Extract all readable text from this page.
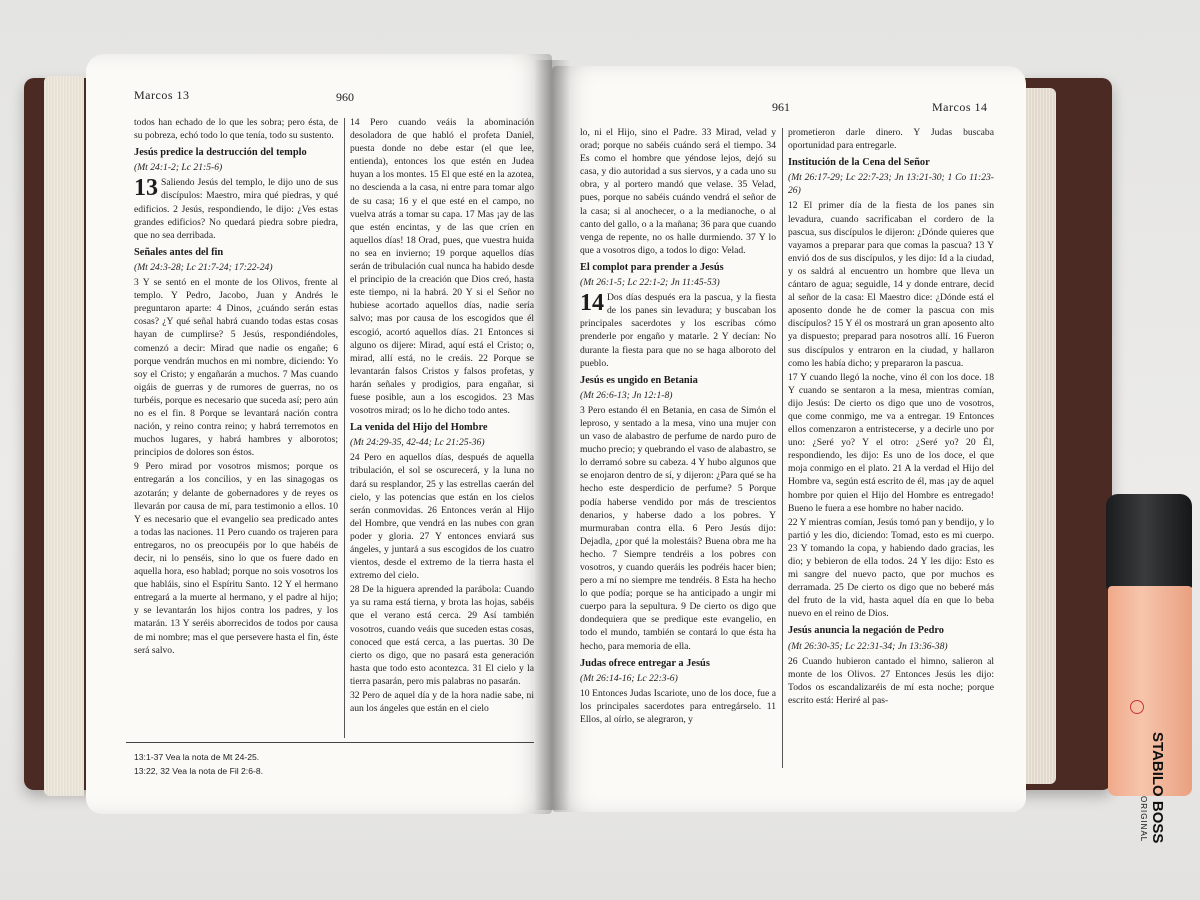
Marcos 13	960

todos han echado de lo que les sobra; pero ésta, de su pobreza, echó todo lo que tenía, todo su sustento.

Jesús predice la destrucción del templo

(Mt 24:1-2; Lc 21:5-6)

13 Saliendo Jesús del templo, le dijo uno de sus discípulos: Maestro, mira qué piedras, y qué edificios. 2 Jesús, respondiendo, le dijo: ¿Ves estas grandes edificios? No quedará piedra sobre piedra, que no sea derribada.

Señales antes del fin

(Mt 24:3-28; Lc 21:7-24; 17:22-24)

3 Y se sentó en el monte de los Olivos, frente al templo. Y Pedro, Jacobo, Juan y Andrés le preguntaron aparte: 4 Dinos, ¿cuándo serán estas cosas? ¿Y qué señal habrá cuando todas estas cosas hayan de cumplirse? 5 Jesús, respondiéndoles, comenzó a decir: Mirad que nadie os engañe; 6 porque vendrán muchos en mi nombre, diciendo: Yo soy el Cristo; y engañarán a muchos. 7 Mas cuando oigáis de guerras y de rumores de guerras, no os turbéis, porque es necesario que suceda así; pero aún no es el fin. 8 Porque se levantará nación contra nación, y reino contra reino; y habrá terremotos en muchos lugares, y habrá hambres y alborotos; principios de dolores son éstos.

9 Pero mirad por vosotros mismos; porque os entregarán a los concilios, y en las sinagogas os azotarán; y delante de gobernadores y de reyes os llevarán por causa de mí, para testimonio a ellos. 10 Y es necesario que el evangelio sea predicado antes a todas las naciones. 11 Pero cuando os trajeren para entregaros, no os preocupéis por lo que habéis de decir, ni lo penséis, sino lo que os fuere dado en aquella hora, eso hablad; porque no sois vosotros los que habláis, sino el Espíritu Santo. 12 Y el hermano entregará a la muerte al hermano, y el padre al hijo; y se levantarán los hijos contra los padres, y los matarán. 13 Y seréis aborrecidos de todos por causa de mi nombre; mas el que persevere hasta el fin, éste será salvo.

14 Pero cuando veáis la abominación desoladora de que habló el profeta Daniel, puesta donde no debe estar (el que lee, entienda), entonces los que estén en Judea huyan a los montes. 15 El que esté en la azotea, no descienda a la casa, ni entre para tomar algo de su casa; 16 y el que esté en el campo, no vuelva atrás a tomar su capa. 17 Mas ¡ay de las que estén encintas, y de las que críen en aquellos días! 18 Orad, pues, que vuestra huida no sea en invierno; 19 porque aquellos días serán de tribulación cual nunca ha habido desde el principio de la creación que Dios creó, hasta este tiempo, ni la habrá. 20 Y si el Señor no hubiese acortado aquellos días, nadie sería salvo; mas por causa de los escogidos que él escogió, acortó aquellos días. 21 Entonces si alguno os dijere: Mirad, aquí está el Cristo; o, mirad, allí está, no le creáis. 22 Porque se levantarán falsos Cristos y falsos profetas, y harán señales y prodigios, para engañar, si fuese posible, aun a los escogidos. 23 Mas vosotros mirad; os lo he dicho todo antes.

La venida del Hijo del Hombre

(Mt 24:29-35, 42-44; Lc 21:25-36)

24 Pero en aquellos días, después de aquella tribulación, el sol se oscurecerá, y la luna no dará su resplandor, 25 y las estrellas caerán del cielo, y las potencias que están en los cielos serán conmovidas. 26 Entonces verán al Hijo del Hombre, que vendrá en las nubes con gran poder y gloria. 27 Y entonces enviará sus ángeles, y juntará a sus escogidos de los cuatro vientos, desde el extremo de la tierra hasta el extremo del cielo.

28 De la higuera aprended la parábola: Cuando ya su rama está tierna, y brota las hojas, sabéis que el verano está cerca. 29 Así también vosotros, cuando veáis que suceden estas cosas, conoced que está cerca, a las puertas. 30 De cierto os digo, que no pasará esta generación hasta que todo esto acontezca. 31 El cielo y la tierra pasarán, pero mis palabras no pasarán.

32 Pero de aquel día y de la hora nadie sabe, ni aun los ángeles que están en el cielo

13:1-37 Vea la nota de Mt 24-25.
13:22, 32 Vea la nota de Fil 2:6-8.
961	Marcos 14

lo, ni el Hijo, sino el Padre. 33 Mirad, velad y orad; porque no sabéis cuándo será el tiempo. 34 Es como el hombre que yéndose lejos, dejó su casa, y dio autoridad a sus siervos, y a cada uno su obra, y al portero mandó que velase. 35 Velad, pues, porque no sabéis cuándo vendrá el señor de la casa; si al anochecer, o a la medianoche, o al canto del gallo, o a la mañana; 36 para que cuando venga de repente, no os halle durmiendo. 37 Y lo que a vosotros digo, a todos lo digo: Velad.

El complot para prender a Jesús

(Mt 26:1-5; Lc 22:1-2; Jn 11:45-53)

14 Dos días después era la pascua, y la fiesta de los panes sin levadura; y buscaban los principales sacerdotes y los escribas cómo prenderle por engaño y matarle. 2 Y decían: No durante la fiesta para que no se haga alboroto del pueblo.

Jesús es ungido en Betania

(Mt 26:6-13; Jn 12:1-8)

3 Pero estando él en Betania, en casa de Simón el leproso, y sentado a la mesa, vino una mujer con un vaso de alabastro de perfume de nardo puro de mucho precio; y quebrando el vaso de alabastro, se lo derramó sobre su cabeza. 4 Y hubo algunos que se enojaron dentro de sí, y dijeron: ¿Para qué se ha hecho este desperdicio de perfume? 5 Porque podía haberse vendido por más de trescientos denarios, y haberse dado a los pobres. Y murmuraban contra ella. 6 Pero Jesús dijo: Dejadla, ¿por qué la molestáis? Buena obra me ha hecho. 7 Siempre tendréis a los pobres con vosotros, y cuando queráis les podréis hacer bien; pero a mí no siempre me tendréis. 8 Esta ha hecho lo que podía; porque se ha anticipado a ungir mi cuerpo para la sepultura. 9 De cierto os digo que dondequiera que se predique este evangelio, en todo el mundo, también se contará lo que ésta ha hecho, para memoria de ella.

Judas ofrece entregar a Jesús

(Mt 26:14-16; Lc 22:3-6)

10 Entonces Judas Iscariote, uno de los doce, fue a los principales sacerdotes para entregárselo. 11 Ellos, al oírlo, se alegraron, y

prometieron darle dinero. Y Judas buscaba oportunidad para entregarle.

Institución de la Cena del Señor

(Mt 26:17-29; Lc 22:7-23; Jn 13:21-30; 1 Co 11:23-26)

12 El primer día de la fiesta de los panes sin levadura, cuando sacrificaban el cordero de la pascua, sus discípulos le dijeron: ¿Dónde quieres que vayamos a preparar para que comas la pascua? 13 Y envió dos de sus discípulos, y les dijo: Id a la ciudad, y os saldrá al encuentro un hombre que lleva un cántaro de agua; seguidle, 14 y donde entrare, decid al señor de la casa: El Maestro dice: ¿Dónde está el aposento donde he de comer la pascua con mis discípulos? 15 Y él os mostrará un gran aposento alto ya dispuesto; preparad para nosotros allí. 16 Fueron sus discípulos y entraron en la ciudad, y hallaron como les había dicho; y prepararon la pascua.

17 Y cuando llegó la noche, vino él con los doce. 18 Y cuando se sentaron a la mesa, mientras comían, dijo Jesús: De cierto os digo que uno de vosotros, que come conmigo, me va a entregar. 19 Entonces ellos comenzaron a entristecerse, y a decirle uno por uno: ¿Seré yo? Y el otro: ¿Seré yo? 20 Él, respondiendo, les dijo: Es uno de los doce, el que moja conmigo en el plato. 21 A la verdad el Hijo del Hombre va, según está escrito de él, mas ¡ay de aquel hombre por quien el Hijo del Hombre es entregado! Bueno le fuera a ese hombre no haber nacido.

22 Y mientras comían, Jesús tomó pan y bendijo, y lo partió y les dio, diciendo: Tomad, esto es mi cuerpo. 23 Y tomando la copa, y habiendo dado gracias, les dio; y bebieron de ella todos. 24 Y les dijo: Esto es mi sangre del nuevo pacto, que por muchos es derramada. 25 De cierto os digo que no beberé más del fruto de la vid, hasta aquel día en que lo beba nuevo en el reino de Dios.

Jesús anuncia la negación de Pedro

(Mt 26:30-35; Lc 22:31-34; Jn 13:36-38)

26 Cuando hubieron cantado el himno, salieron al monte de los Olivos. 27 Entonces Jesús les dijo: Todos os escandalizaréis de mí esta noche; porque escrito está: Heriré al pas-

STABILO BOSS
ORIGINAL
